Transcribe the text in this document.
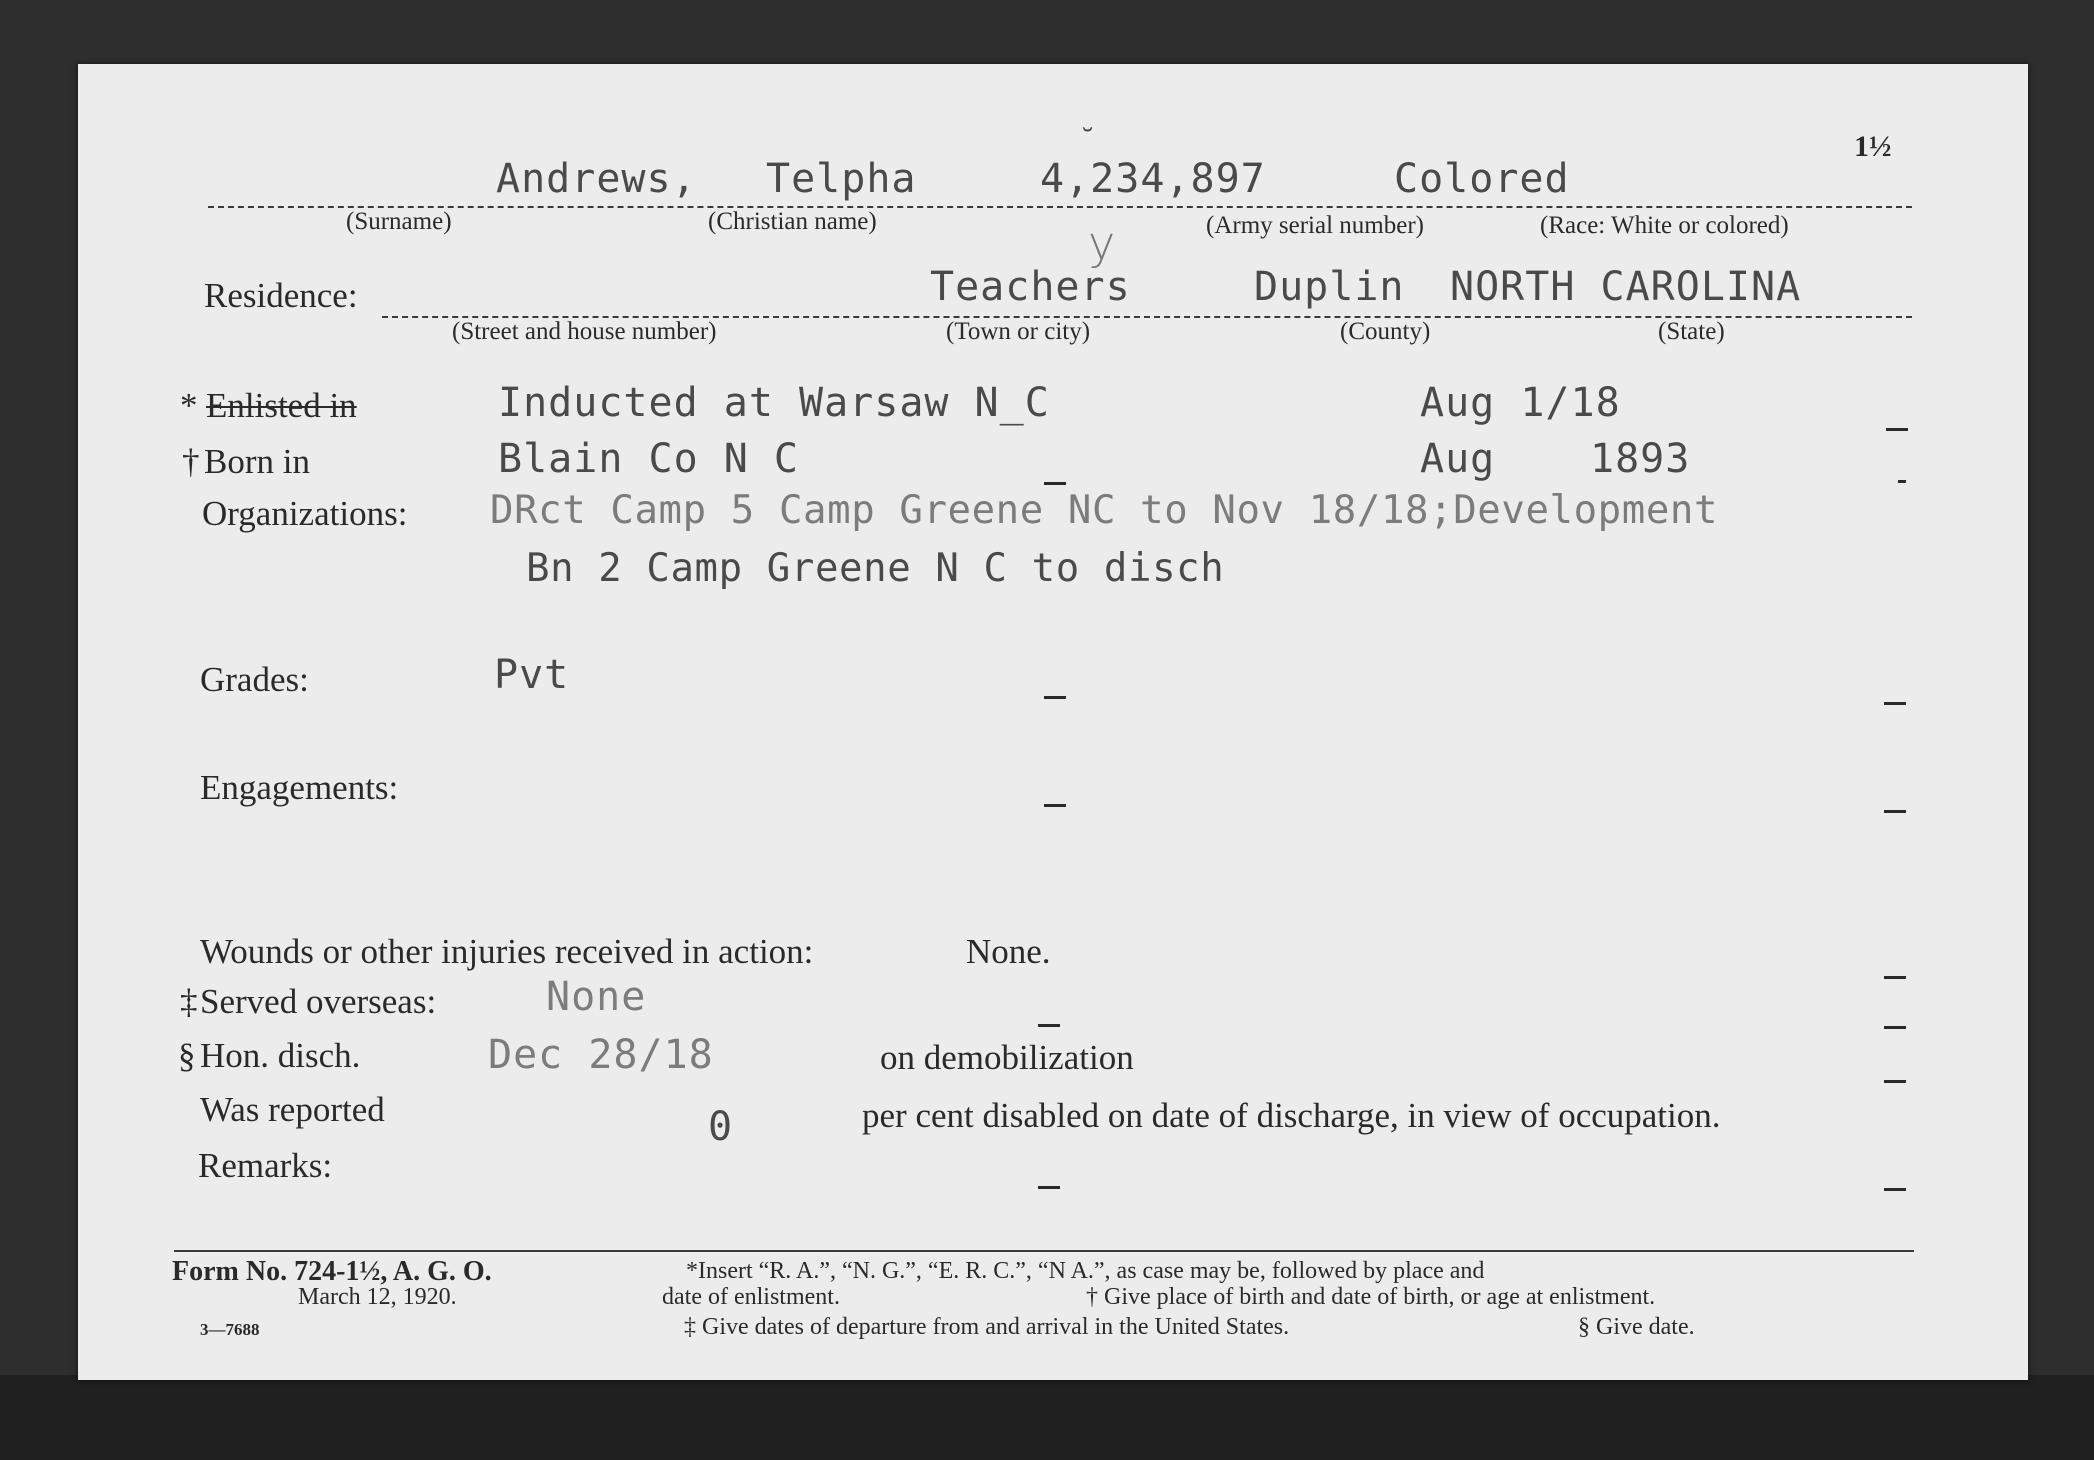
1½
˘
Andrews, Telpha	4,234,897	Colored
(Surname)	(Christian name)	(Army serial number)	(Race: White or colored)
Residence:
y
Teachers	Duplin NORTH CAROLINA
(Street and house number)	(Town or city)	(County)	(State)
* Enlisted in	Inducted at Warsaw N_C	Aug 1/18
† Born in	Blain Co N C	Aug 1893
Organizations: DRct Camp 5 Camp Greene NC to Nov 18/18;Development
Bn 2 Camp Greene N C to disch
Grades:	Pvt
Engagements:
Wounds or other injuries received in action:	None.
‡ Served overseas:	None
§ Hon. disch.	Dec 28/18	on demobilization
Was reported	0	per cent disabled on date of discharge, in view of occupation.
Remarks:
Form No. 724-1½, A. G. O.
March 12, 1920.
3—7688
*Insert “R. A.”, “N. G.”, “E. R. C.”, “N A.”, as case may be, followed by place and
date of enlistment.	† Give place of birth and date of birth, or age at enlistment.
‡ Give dates of departure from and arrival in the United States.	§ Give date.
